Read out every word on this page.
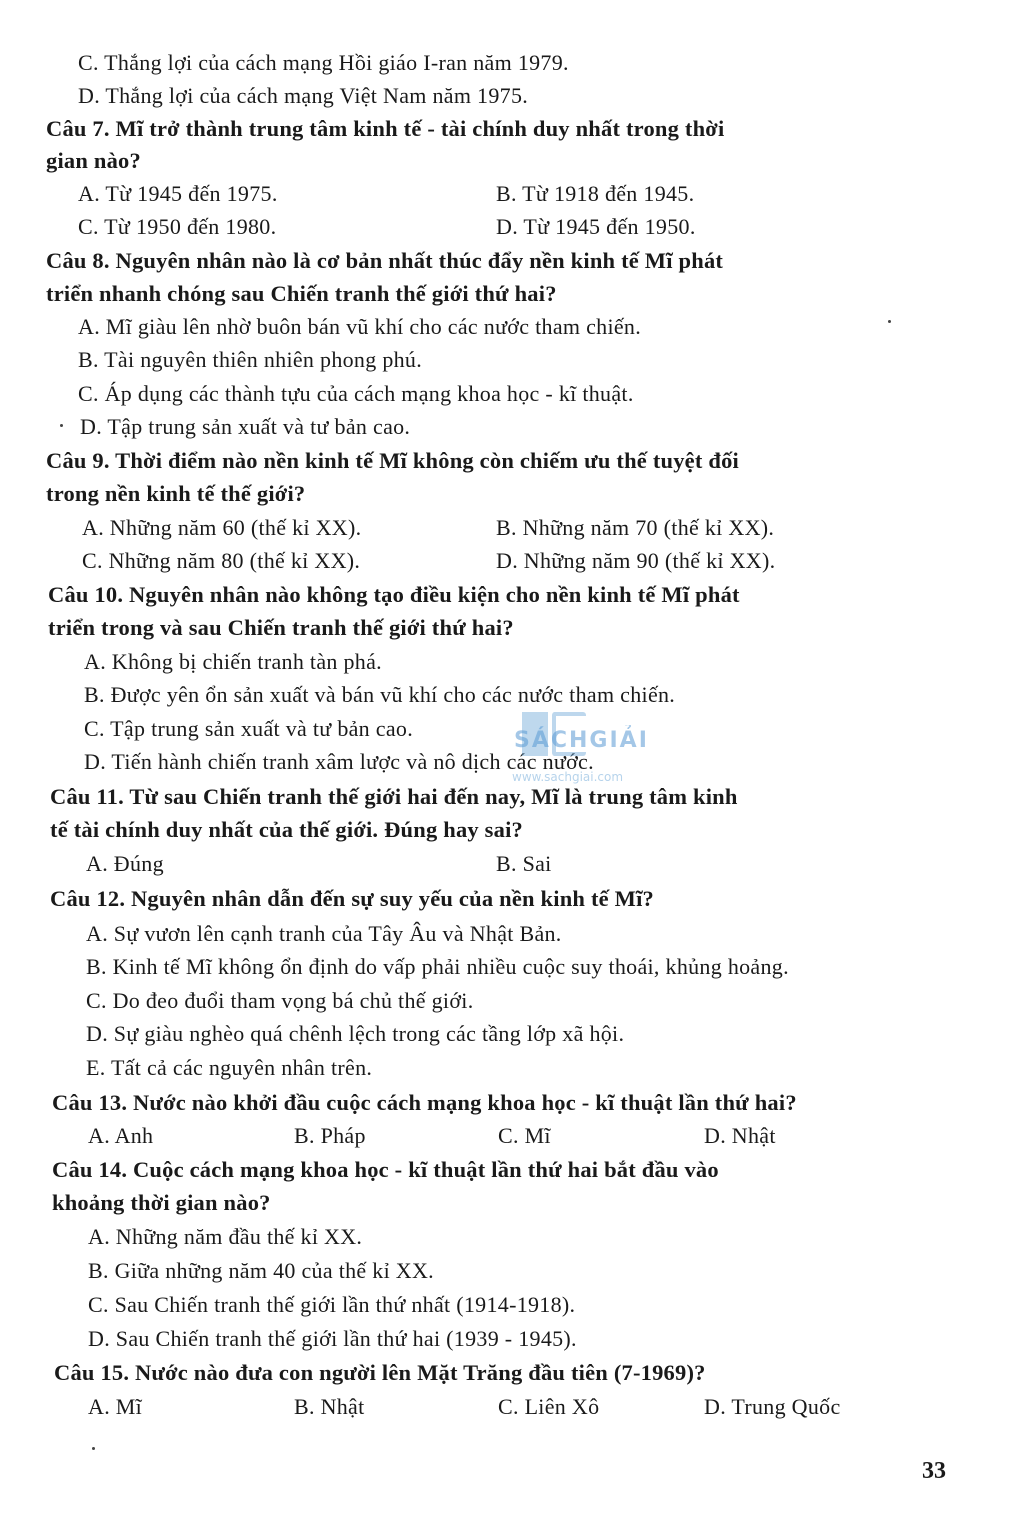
C. Thắng lợi của cách mạng Hồi giáo I-ran năm 1979.
D. Thắng lợi của cách mạng Việt Nam năm 1975.
Câu 7. Mĩ trở thành trung tâm kinh tế - tài chính duy nhất trong thời
gian nào?
A. Từ 1945 đến 1975.	B. Từ 1918 đến 1945.
C. Từ 1950 đến 1980.	D. Từ 1945 đến 1950.
Câu 8. Nguyên nhân nào là cơ bản nhất thúc đẩy nền kinh tế Mĩ phát
triển nhanh chóng sau Chiến tranh thế giới thứ hai?
A. Mĩ giàu lên nhờ buôn bán vũ khí cho các nước tham chiến.
B. Tài nguyên thiên nhiên phong phú.
C. Áp dụng các thành tựu của cách mạng khoa học - kĩ thuật.
D. Tập trung sản xuất và tư bản cao.
Câu 9. Thời điểm nào nền kinh tế Mĩ không còn chiếm ưu thế tuyệt đối
trong nền kinh tế thế giới?
A. Những năm 60 (thế kỉ XX).	B. Những năm 70 (thế kỉ XX).
C. Những năm 80 (thế kỉ XX).	D. Những năm 90 (thế kỉ XX).
Câu 10. Nguyên nhân nào không tạo điều kiện cho nền kinh tế Mĩ phát
triển trong và sau Chiến tranh thế giới thứ hai?
A. Không bị chiến tranh tàn phá.
B. Được yên ổn sản xuất và bán vũ khí cho các nước tham chiến.
C. Tập trung sản xuất và tư bản cao.
D. Tiến hành chiến tranh xâm lược và nô dịch các nước.
Câu 11. Từ sau Chiến tranh thế giới hai đến nay, Mĩ là trung tâm kinh
tế tài chính duy nhất của thế giới. Đúng hay sai?
A. Đúng	B. Sai
Câu 12. Nguyên nhân dẫn đến sự suy yếu của nền kinh tế Mĩ?
A. Sự vươn lên cạnh tranh của Tây Âu và Nhật Bản.
B. Kinh tế Mĩ không ổn định do vấp phải nhiều cuộc suy thoái, khủng hoảng.
C. Do đeo đuổi tham vọng bá chủ thế giới.
D. Sự giàu nghèo quá chênh lệch trong các tầng lớp xã hội.
E. Tất cả các nguyên nhân trên.
Câu 13. Nước nào khởi đầu cuộc cách mạng khoa học - kĩ thuật lần thứ hai?
A. Anh	B. Pháp	C. Mĩ	D. Nhật
Câu 14. Cuộc cách mạng khoa học - kĩ thuật lần thứ hai bắt đầu vào
khoảng thời gian nào?
A. Những năm đầu thế kỉ XX.
B. Giữa những năm 40 của thế kỉ XX.
C. Sau Chiến tranh thế giới lần thứ nhất (1914-1918).
D. Sau Chiến tranh thế giới lần thứ hai (1939 - 1945).
Câu 15. Nước nào đưa con người lên Mặt Trăng đầu tiên (7-1969)?
A. Mĩ	B. Nhật	C. Liên Xô	D. Trung Quốc
SÁCHGIẢI
www.sachgiai.com
33
